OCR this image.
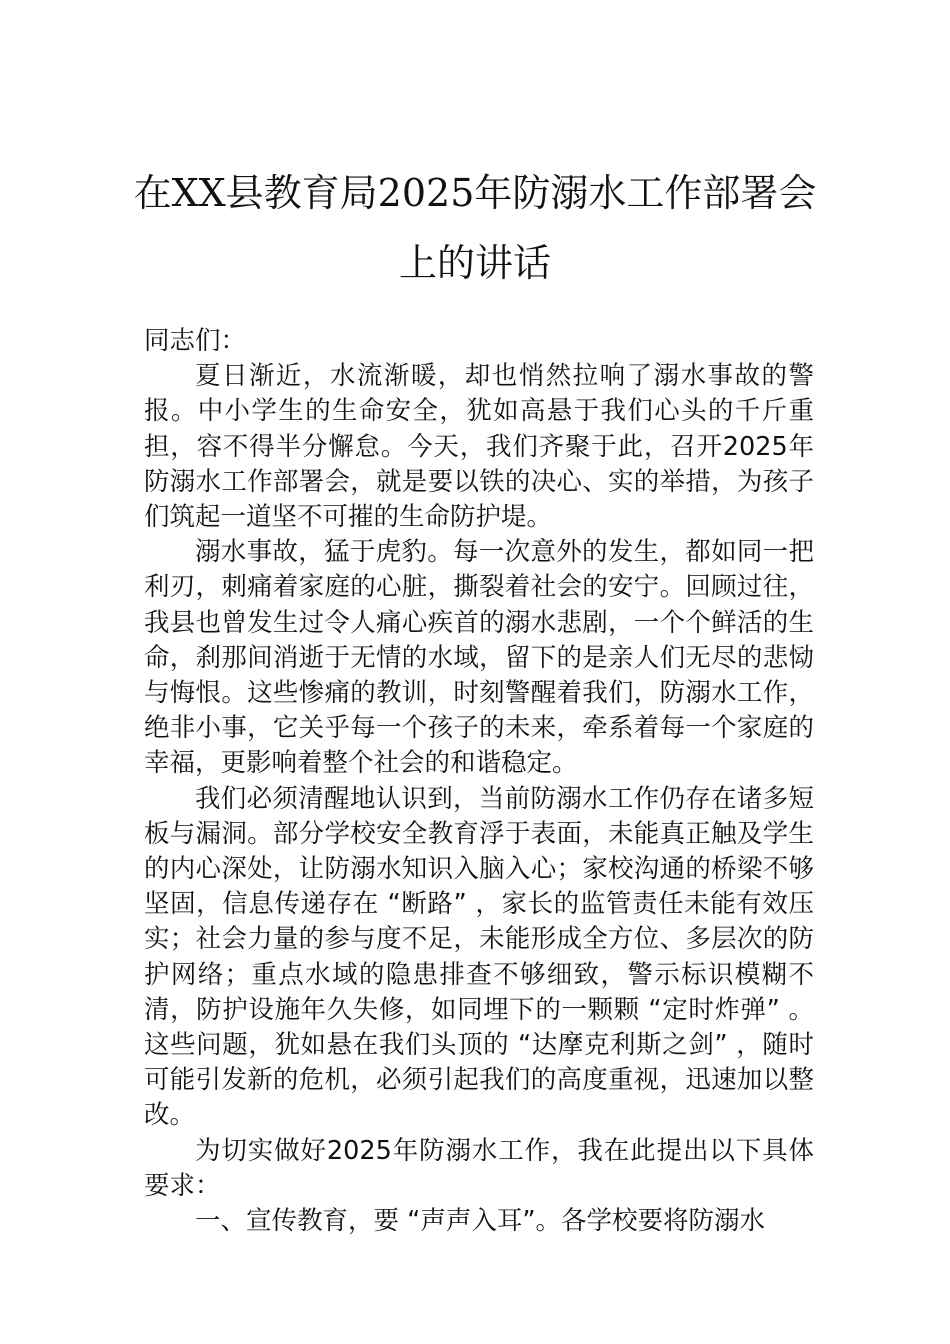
在XX县教育局2025年防溺水工作部署会
上的讲话

同志们：

夏日渐近，水流渐暖，却也悄然拉响了溺水事故的警报。中小学生的生命安全，犹如高悬于我们心头的千斤重担，容不得半分懈怠。今天，我们齐聚于此，召开2025年防溺水工作部署会，就是要以铁的决心、实的举措，为孩子们筑起一道坚不可摧的生命防护堤。

溺水事故，猛于虎豹。每一次意外的发生，都如同一把利刃，刺痛着家庭的心脏，撕裂着社会的安宁。回顾过往，我县也曾发生过令人痛心疾首的溺水悲剧，一个个鲜活的生命，刹那间消逝于无情的水域，留下的是亲人们无尽的悲恸与悔恨。这些惨痛的教训，时刻警醒着我们，防溺水工作，绝非小事，它关乎每一个孩子的未来，牵系着每一个家庭的幸福，更影响着整个社会的和谐稳定。

我们必须清醒地认识到，当前防溺水工作仍存在诸多短板与漏洞。部分学校安全教育浮于表面，未能真正触及学生的内心深处，让防溺水知识入脑入心；家校沟通的桥梁不够坚固，信息传递存在 “断路” ，家长的监管责任未能有效压实；社会力量的参与度不足，未能形成全方位、多层次的防护网络；重点水域的隐患排查不够细致，警示标识模糊不清，防护设施年久失修，如同埋下的一颗颗 “定时炸弹” 。这些问题，犹如悬在我们头顶的 “达摩克利斯之剑” ，随时可能引发新的危机，必须引起我们的高度重视，迅速加以整改。

为切实做好2025年防溺水工作，我在此提出以下具体要求：

一、宣传教育，要 “声声入耳”。各学校要将防溺水
